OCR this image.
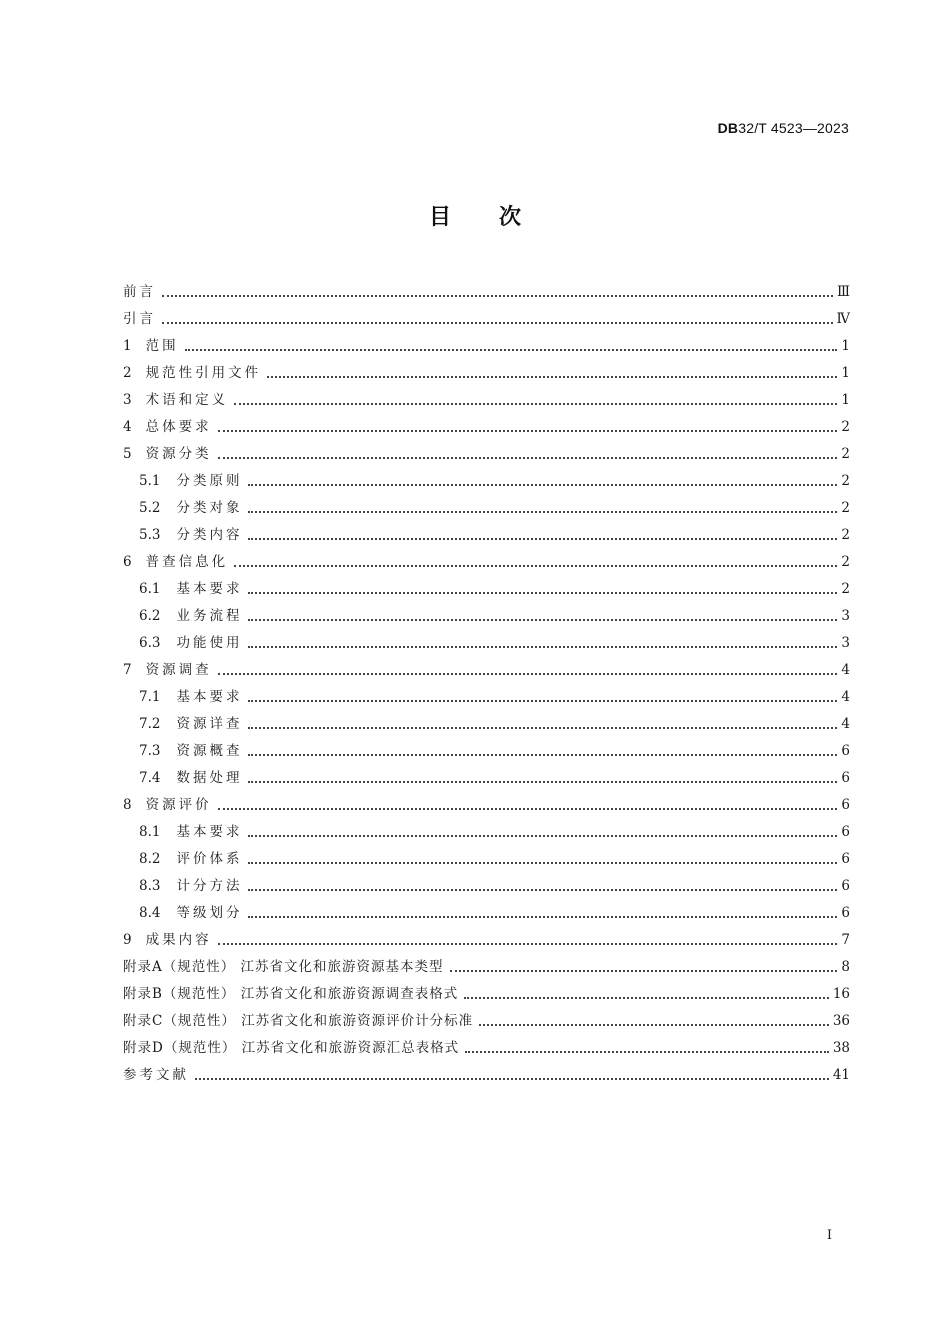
DB32/T 4523—2023
目次
前言	Ⅲ
引言	Ⅳ
1 范围	1
2 规范性引用文件	1
3 术语和定义	1
4 总体要求	2
5 资源分类	2
5.1 分类原则	2
5.2 分类对象	2
5.3 分类内容	2
6 普查信息化	2
6.1 基本要求	2
6.2 业务流程	3
6.3 功能使用	3
7 资源调查	4
7.1 基本要求	4
7.2 资源详查	4
7.3 资源概查	6
7.4 数据处理	6
8 资源评价	6
8.1 基本要求	6
8.2 评价体系	6
8.3 计分方法	6
8.4 等级划分	6
9 成果内容	7
附录A（规范性） 江苏省文化和旅游资源基本类型	8
附录B（规范性） 江苏省文化和旅游资源调查表格式	16
附录C（规范性） 江苏省文化和旅游资源评价计分标准	36
附录D（规范性） 江苏省文化和旅游资源汇总表格式	38
参考文献	41
Ⅰ
